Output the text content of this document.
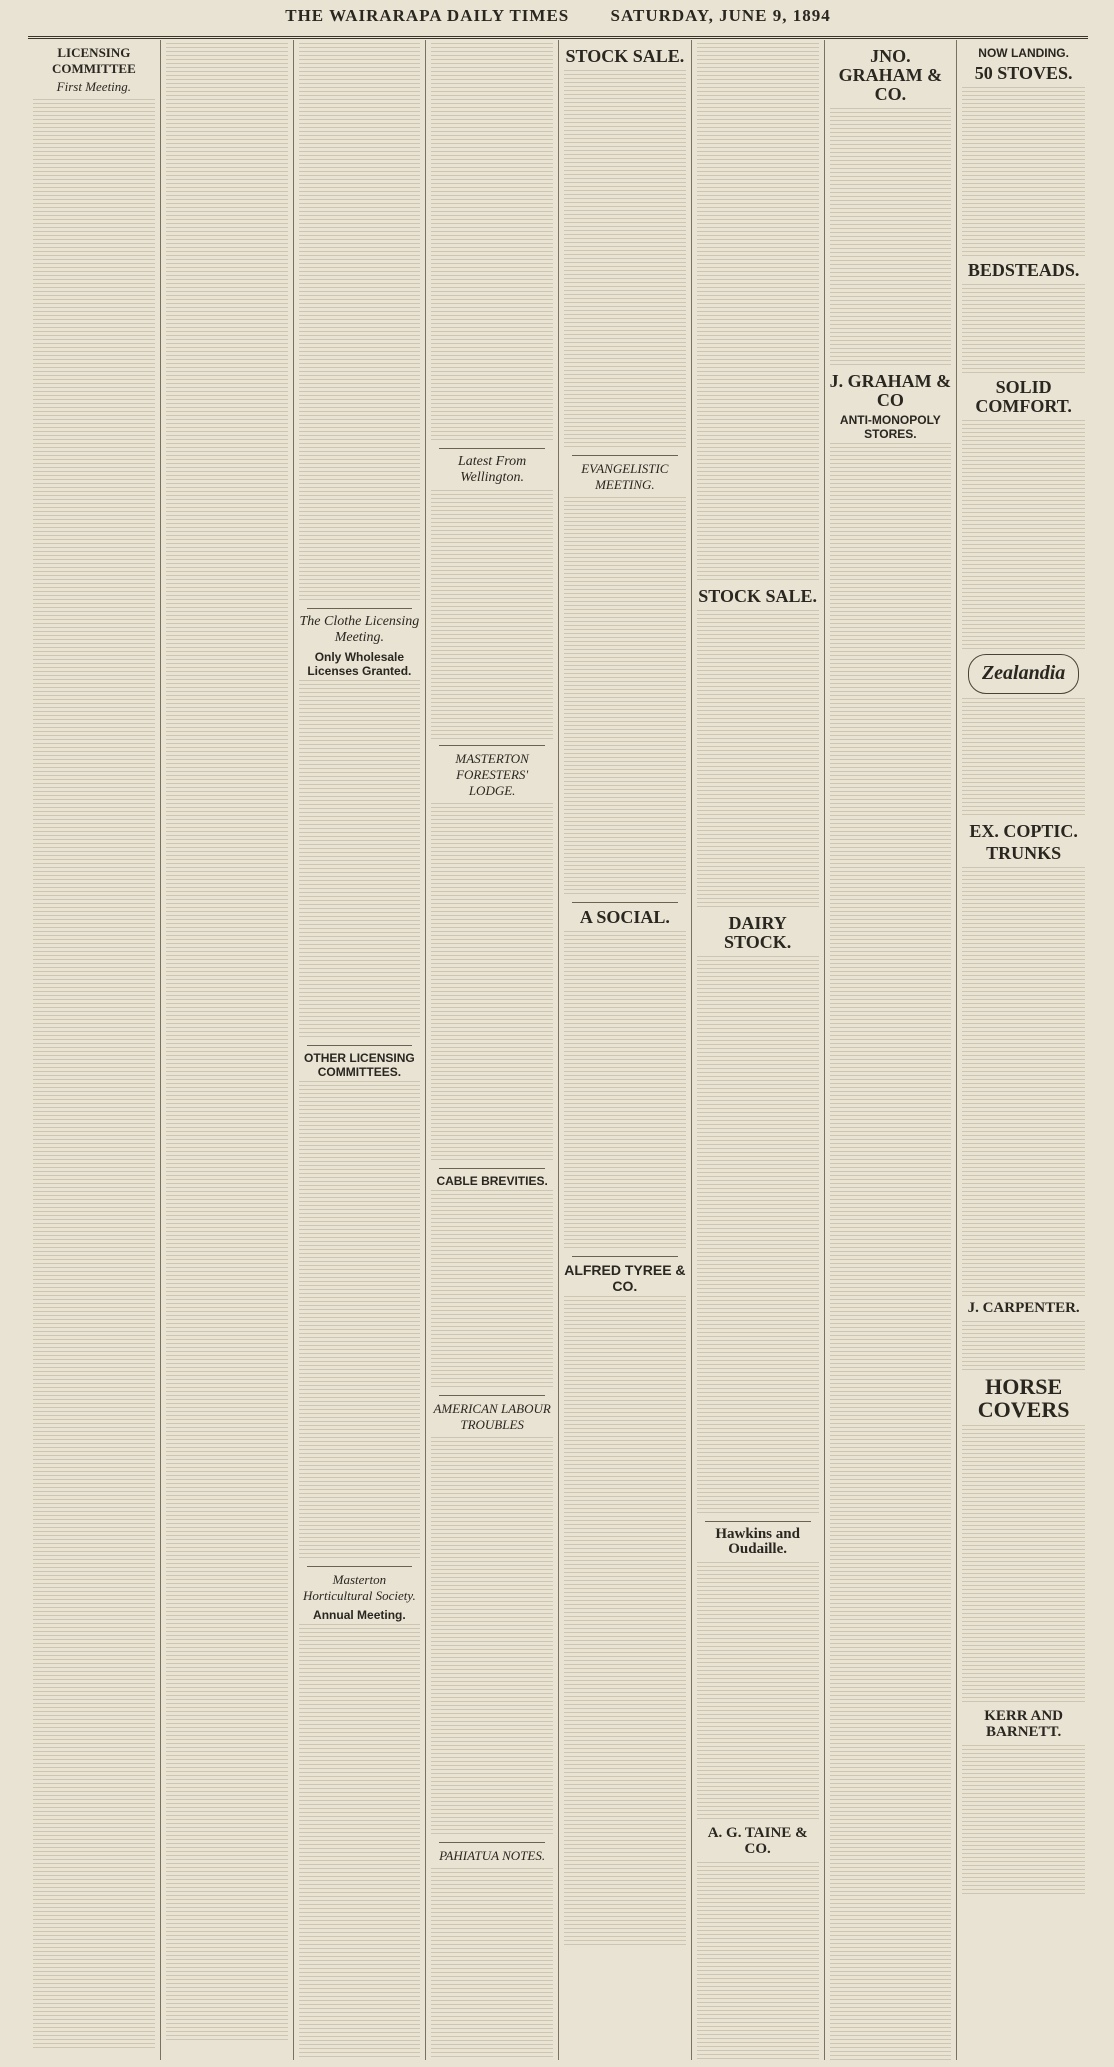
THE WAIRARAPA DAILY TIMES SATURDAY, JUNE 9, 1894
LICENSING COMMITTEE
First Meeting.
The Clothe Licensing Meeting.
Only Wholesale Licenses Granted.
OTHER LICENSING COMMITTEES.
Masterton Horticultural Society.
Annual Meeting.
Latest From Wellington.
MASTERTON FORESTERS' LODGE.
CABLE BREVITIES.
AMERICAN LABOUR TROUBLES
PAHIATUA NOTES.
STOCK SALE.
EVANGELISTIC MEETING.
A SOCIAL.
ALFRED TYREE & CO.
STOCK SALE.
DAIRY STOCK.
Hawkins and Oudaille.
A. G. TAINE & CO.
JNO. GRAHAM & CO.
J. GRAHAM & CO
ANTI-MONOPOLY STORES.
NOW LANDING.
50 STOVES.
BEDSTEADS.
SOLID COMFORT.
Zealandia
EX. COPTIC.
TRUNKS
J. CARPENTER.
HORSE COVERS
KERR AND BARNETT.
